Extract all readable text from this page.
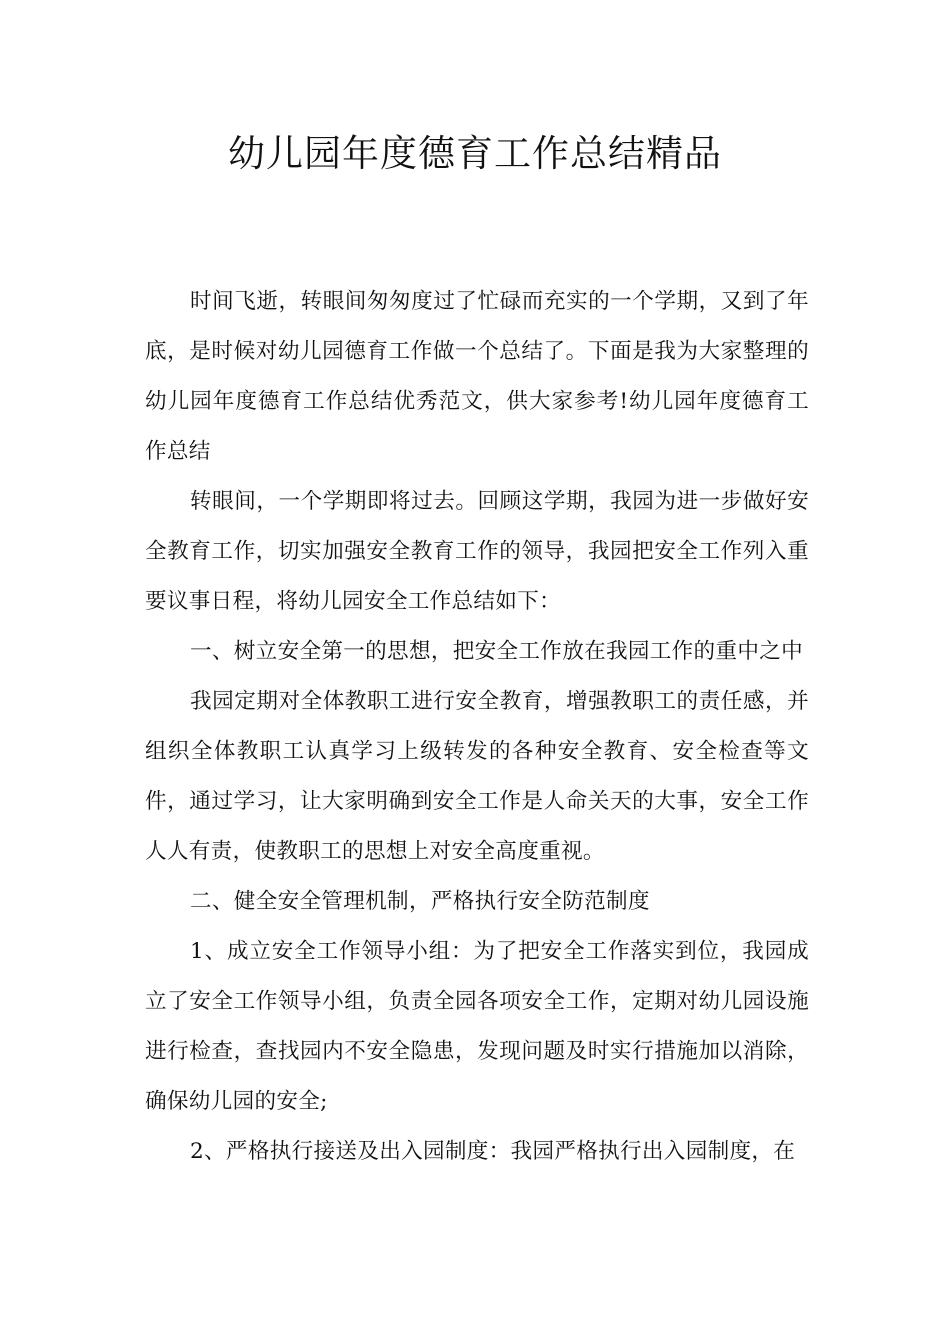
幼儿园年度德育工作总结精品

时间飞逝，转眼间匆匆度过了忙碌而充实的一个学期，又到了年底，是时候对幼儿园德育工作做一个总结了。下面是我为大家整理的幼儿园年度德育工作总结优秀范文，供大家参考!幼儿园年度德育工作总结

转眼间，一个学期即将过去。回顾这学期，我园为进一步做好安全教育工作，切实加强安全教育工作的领导，我园把安全工作列入重要议事日程，将幼儿园安全工作总结如下：

一、树立安全第一的思想，把安全工作放在我园工作的重中之中

我园定期对全体教职工进行安全教育，增强教职工的责任感，并组织全体教职工认真学习上级转发的各种安全教育、安全检查等文件，通过学习，让大家明确到安全工作是人命关天的大事，安全工作人人有责，使教职工的思想上对安全高度重视。

二、健全安全管理机制，严格执行安全防范制度

1、成立安全工作领导小组：为了把安全工作落实到位，我园成立了安全工作领导小组，负责全园各项安全工作，定期对幼儿园设施进行检查，查找园内不安全隐患，发现问题及时实行措施加以消除，确保幼儿园的安全;

2、严格执行接送及出入园制度：我园严格执行出入园制度，在
